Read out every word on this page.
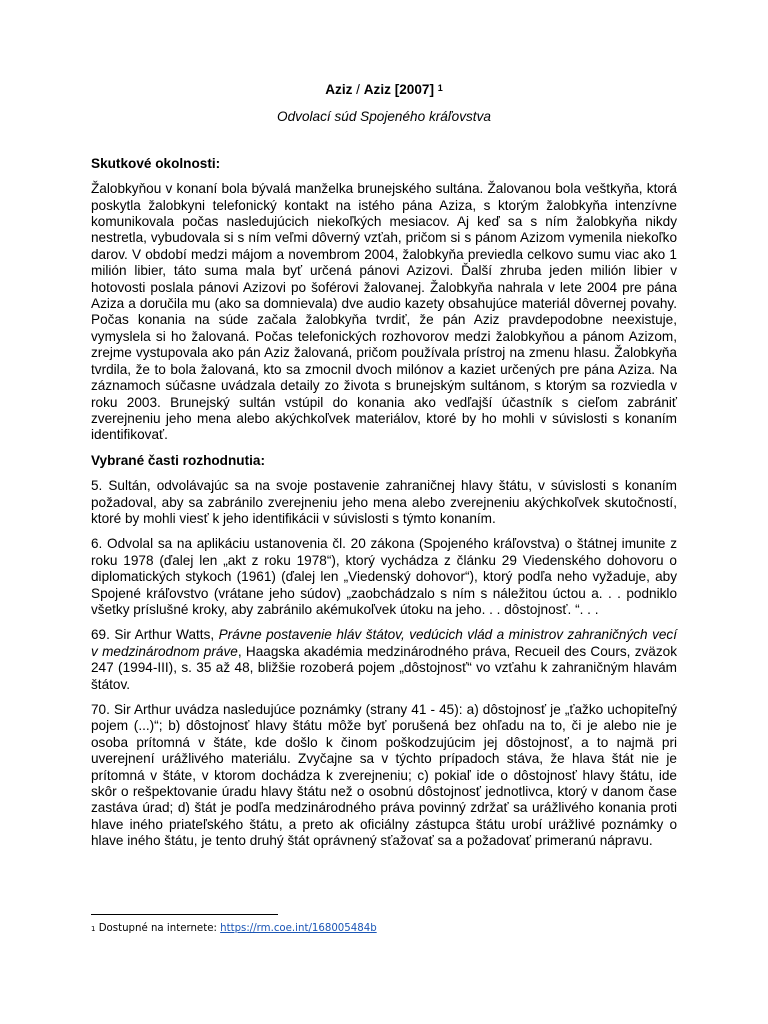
Aziz / Aziz [2007] $^1$

Odvolací súd Spojeného kráľovstva

Skutkové okolnosti:

Žalobkyňou v konaní bola bývalá manželka brunejského sultána. Žalovanou bola veštkyňa, ktorá poskytla žalobkyni telefonický kontakt na istého pána Aziza, s ktorým žalobkyňa intenzívne komunikovala počas nasledujúcich niekoľkých mesiacov. Aj keď sa s ním žalobkyňa nikdy nestretla, vybudovala si s ním veľmi dôverný vzťah, pričom si s pánom Azizom vymenila niekoľko darov. V období medzi májom a novembrom 2004, žalobkyňa previedla celkovo sumu viac ako 1 milión libier, táto suma mala byť určená pánovi Azizovi. Ďalší zhruba jeden milión libier v hotovosti poslala pánovi Azizovi po šoférovi žalovanej. Žalobkyňa nahrala v lete 2004 pre pána Aziza a doručila mu (ako sa domnievala) dve audio kazety obsahujúce materiál dôvernej povahy. Počas konania na súde začala žalobkyňa tvrdiť, že pán Aziz pravdepodobne neexistuje, vymyslela si ho žalovaná. Počas telefonických rozhovorov medzi žalobkyňou a pánom Azizom, zrejme vystupovala ako pán Aziz žalovaná, pričom používala prístroj na zmenu hlasu. Žalobkyňa tvrdila, že to bola žalovaná, kto sa zmocnil dvoch milónov a kaziet určených pre pána Aziza. Na záznamoch súčasne uvádzala detaily zo života s brunejským sultánom, s ktorým sa rozviedla v roku 2003. Brunejský sultán vstúpil do konania ako vedľajší účastník s cieľom zabrániť zverejneniu jeho mena alebo akýchkoľvek materiálov, ktoré by ho mohli v súvislosti s konaním identifikovať.

Vybrané časti rozhodnutia:

5. Sultán, odvolávajúc sa na svoje postavenie zahraničnej hlavy štátu, v súvislosti s konaním požadoval, aby sa zabránilo zverejneniu jeho mena alebo zverejneniu akýchkoľvek skutočností, ktoré by mohli viesť k jeho identifikácii v súvislosti s týmto konaním.

6. Odvolal sa na aplikáciu ustanovenia čl. 20 zákona (Spojeného kráľovstva) o štátnej imunite z roku 1978 (ďalej len „akt z roku 1978“), ktorý vychádza z článku 29 Viedenského dohovoru o diplomatických stykoch (1961) (ďalej len „Viedenský dohovor“), ktorý podľa neho vyžaduje, aby Spojené kráľovstvo (vrátane jeho súdov) „zaobchádzalo s ním s náležitou úctou a. . . podniklo všetky príslušné kroky, aby zabránilo akémukoľvek útoku na jeho. . . dôstojnosť. “. . .

69. Sir Arthur Watts, Právne postavenie hláv štátov, vedúcich vlád a ministrov zahraničných vecí v medzinárodnom práve, Haagska akadémia medzinárodného práva, Recueil des Cours, zväzok 247 (1994-III), s. 35 až 48, bližšie rozoberá pojem „dôstojnosť“ vo vzťahu k zahraničným hlavám štátov.

70. Sir Arthur uvádza nasledujúce poznámky (strany 41 - 45): a) dôstojnosť je „ťažko uchopiteľný pojem (...)“; b) dôstojnosť hlavy štátu môže byť porušená bez ohľadu na to, či je alebo nie je osoba prítomná v štáte, kde došlo k činom poškodzujúcim jej dôstojnosť, a to najmä pri uverejnení urážlivého materiálu. Zvyčajne sa v týchto prípadoch stáva, že hlava štát nie je prítomná v štáte, v ktorom dochádza k zverejneniu; c) pokiaľ ide o dôstojnosť hlavy štátu, ide skôr o rešpektovanie úradu hlavy štátu než o osobnú dôstojnosť jednotlivca, ktorý v danom čase zastáva úrad; d) štát je podľa medzinárodného práva povinný zdržať sa urážlivého konania proti hlave iného priateľského štátu, a preto ak oficiálny zástupca štátu urobí urážlivé poznámky o hlave iného štátu, je tento druhý štát oprávnený sťažovať sa a požadovať primeranú nápravu.

$^1$ Dostupné na internete: https://rm.coe.int/168005484b
